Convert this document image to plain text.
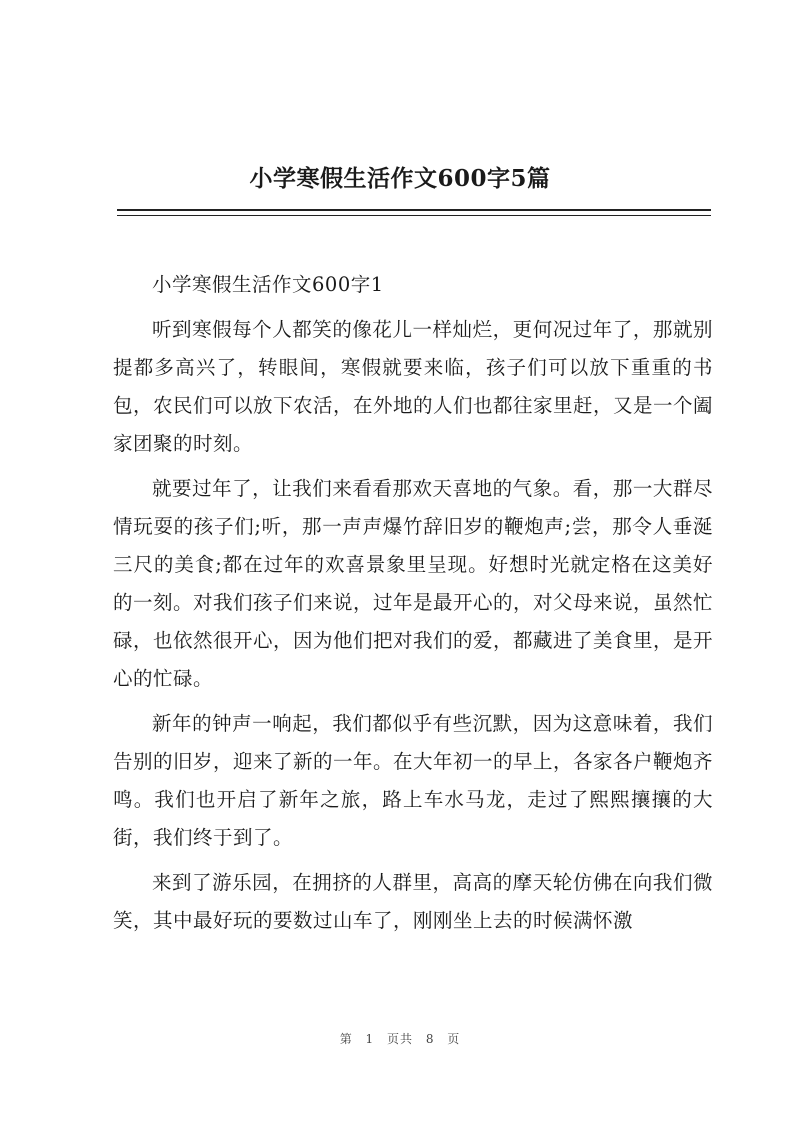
小学寒假生活作文600字5篇

小学寒假生活作文600字1

听到寒假每个人都笑的像花儿一样灿烂，更何况过年了，那就别提都多高兴了，转眼间，寒假就要来临，孩子们可以放下重重的书包，农民们可以放下农活，在外地的人们也都往家里赶，又是一个阖家团聚的时刻。

就要过年了，让我们来看看那欢天喜地的气象。看，那一大群尽情玩耍的孩子们;听，那一声声爆竹辞旧岁的鞭炮声;尝，那令人垂涎三尺的美食;都在过年的欢喜景象里呈现。好想时光就定格在这美好的一刻。对我们孩子们来说，过年是最开心的，对父母来说，虽然忙碌，也依然很开心，因为他们把对我们的爱，都藏进了美食里，是开心的忙碌。

新年的钟声一响起，我们都似乎有些沉默，因为这意味着，我们告别的旧岁，迎来了新的一年。在大年初一的早上，各家各户鞭炮齐鸣。我们也开启了新年之旅，路上车水马龙，走过了熙熙攘攘的大街，我们终于到了。

来到了游乐园，在拥挤的人群里，高高的摩天轮仿佛在向我们微笑，其中最好玩的要数过山车了，刚刚坐上去的时候满怀激

第 1 页共 8 页
